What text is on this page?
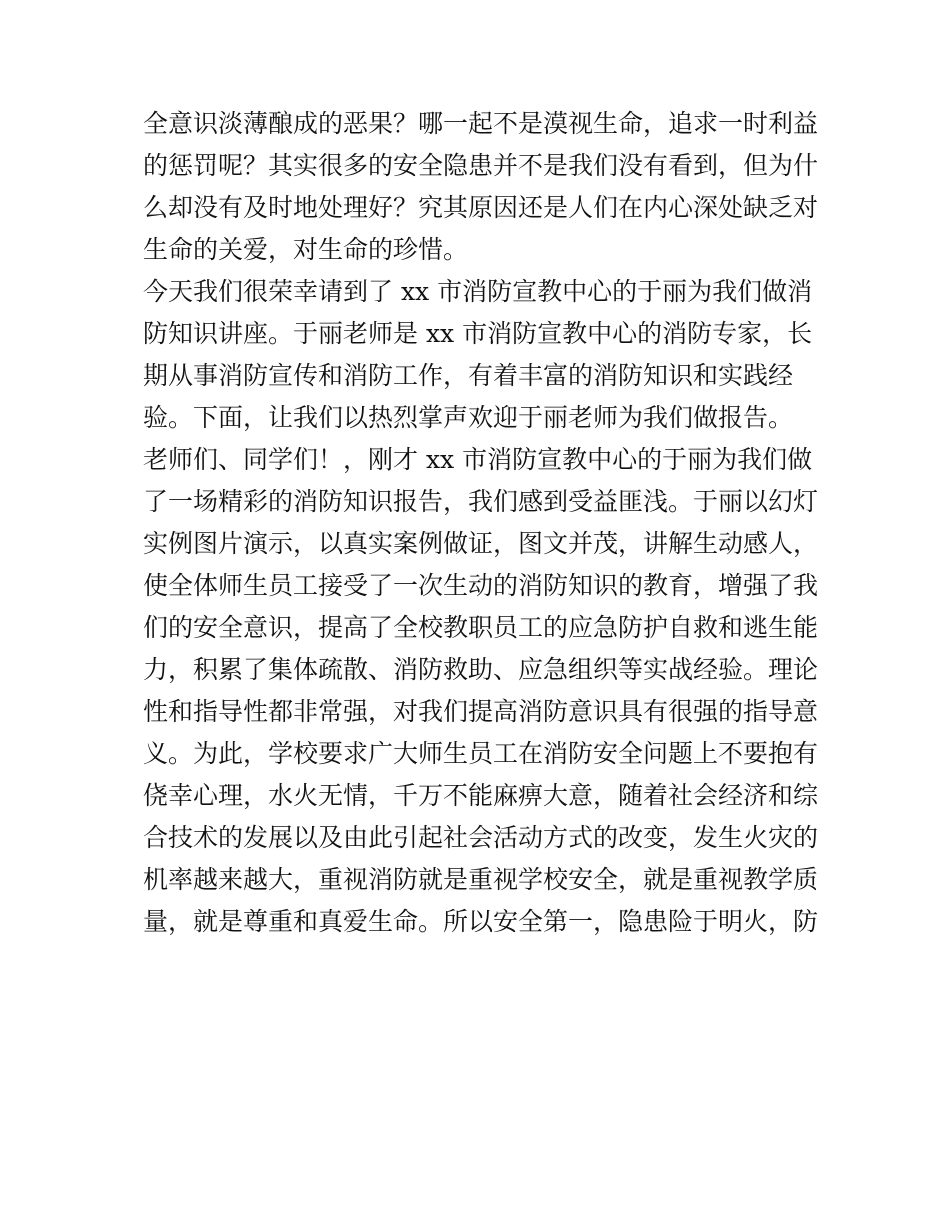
全意识淡薄酿成的恶果？哪一起不是漠视生命，追求一时利益
的惩罚呢？其实很多的安全隐患并不是我们没有看到，但为什
么却没有及时地处理好？究其原因还是人们在内心深处缺乏对
生命的关爱，对生命的珍惜。
今天我们很荣幸请到了 xx 市消防宣教中心的于丽为我们做消
防知识讲座。于丽老师是 xx 市消防宣教中心的消防专家，长
期从事消防宣传和消防工作，有着丰富的消防知识和实践经
验。下面，让我们以热烈掌声欢迎于丽老师为我们做报告。
老师们、同学们！，刚才 xx 市消防宣教中心的于丽为我们做
了一场精彩的消防知识报告，我们感到受益匪浅。于丽以幻灯
实例图片演示，以真实案例做证，图文并茂，讲解生动感人，
使全体师生员工接受了一次生动的消防知识的教育，增强了我
们的安全意识，提高了全校教职员工的应急防护自救和逃生能
力，积累了集体疏散、消防救助、应急组织等实战经验。理论
性和指导性都非常强，对我们提高消防意识具有很强的指导意
义。为此，学校要求广大师生员工在消防安全问题上不要抱有
侥幸心理，水火无情，千万不能麻痹大意，随着社会经济和综
合技术的发展以及由此引起社会活动方式的改变，发生火灾的
机率越来越大，重视消防就是重视学校安全，就是重视教学质
量，就是尊重和真爱生命。所以安全第一，隐患险于明火，防
